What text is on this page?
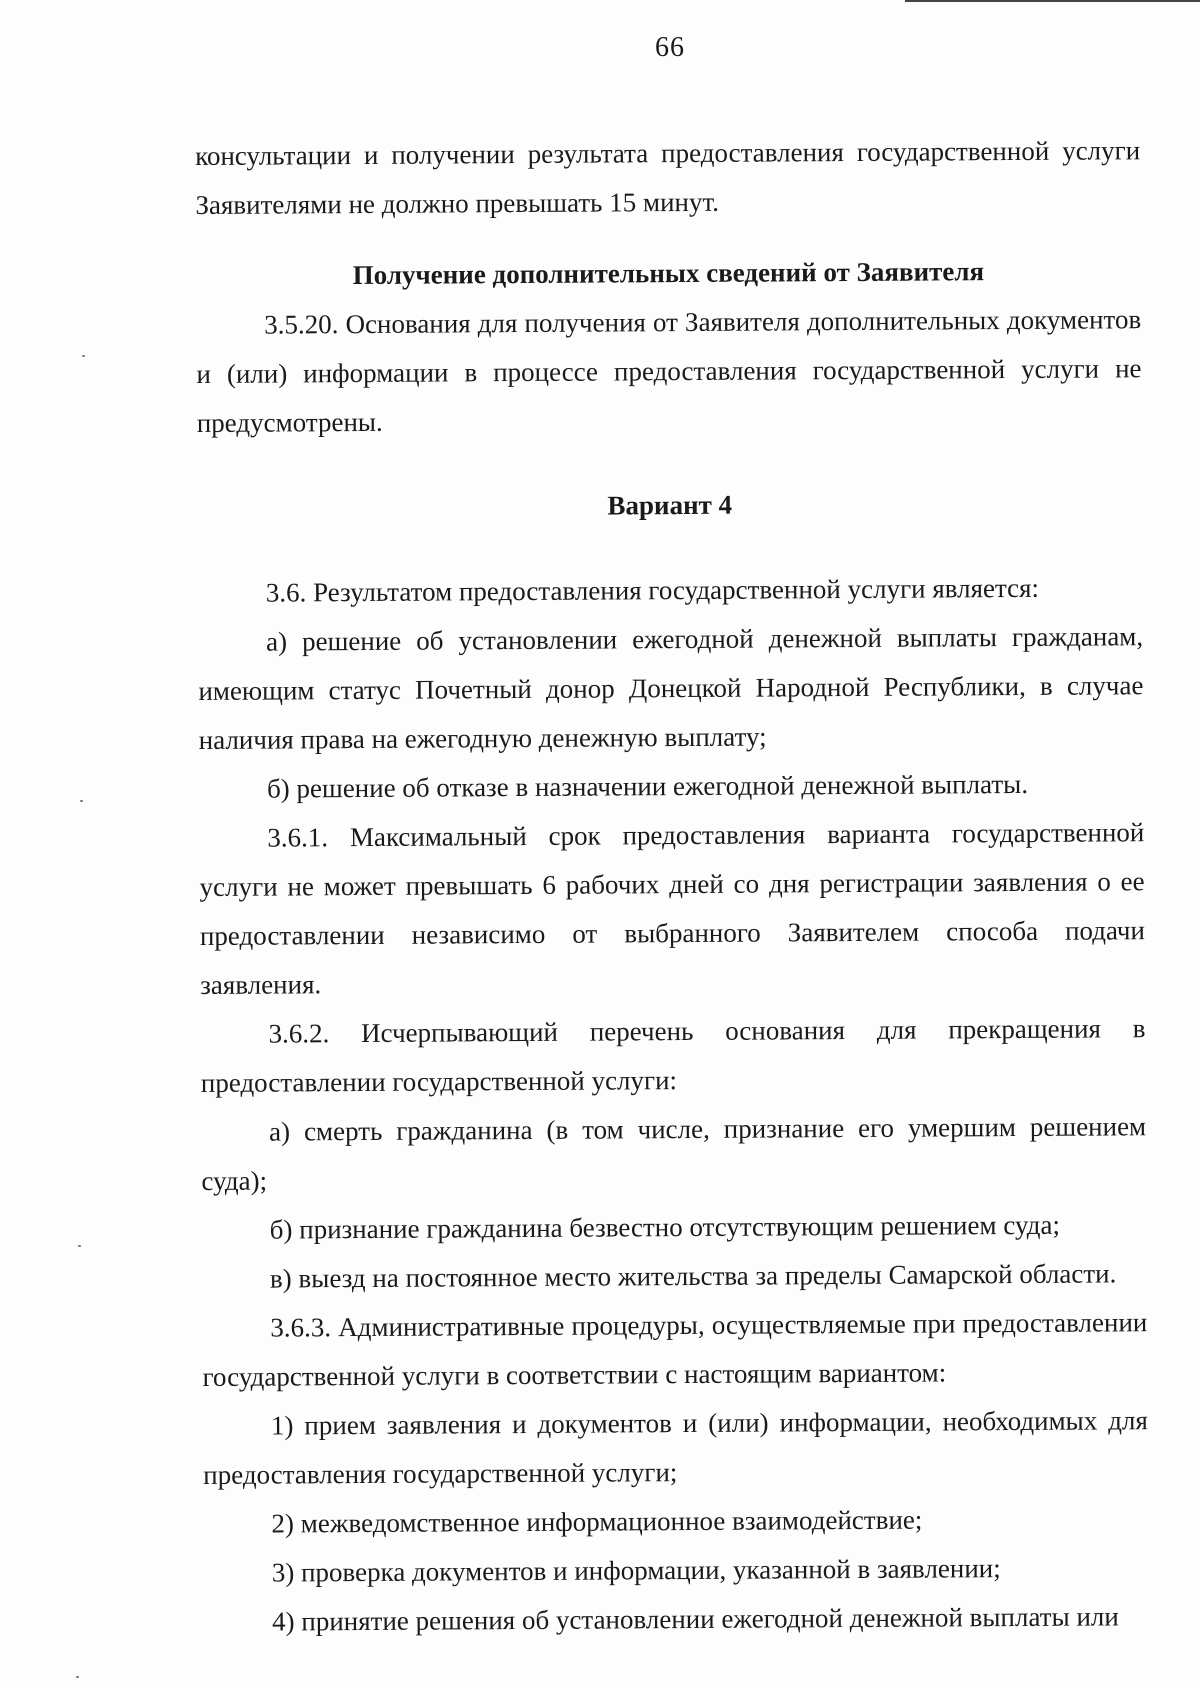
66

консультации и получении результата предоставления государственной услуги Заявителями не должно превышать 15 минут.

Получение дополнительных сведений от Заявителя

3.5.20. Основания для получения от Заявителя дополнительных документов и (или) информации в процессе предоставления государственной услуги не предусмотрены.

Вариант 4

3.6. Результатом предоставления государственной услуги является:

а) решение об установлении ежегодной денежной выплаты гражданам, имеющим статус Почетный донор Донецкой Народной Республики, в случае наличия права на ежегодную денежную выплату;

б) решение об отказе в назначении ежегодной денежной выплаты.

3.6.1. Максимальный срок предоставления варианта государственной услуги не может превышать 6 рабочих дней со дня регистрации заявления о ее предоставлении независимо от выбранного Заявителем способа подачи заявления.

3.6.2. Исчерпывающий перечень основания для прекращения в предоставлении государственной услуги:

а) смерть гражданина (в том числе, признание его умершим решением суда);

б) признание гражданина безвестно отсутствующим решением суда;

в) выезд на постоянное место жительства за пределы Самарской области.

3.6.3. Административные процедуры, осуществляемые при предоставлении государственной услуги в соответствии с настоящим вариантом:

1) прием заявления и документов и (или) информации, необходимых для предоставления государственной услуги;

2) межведомственное информационное взаимодействие;

3) проверка документов и информации, указанной в заявлении;

4) принятие решения об установлении ежегодной денежной выплаты или
